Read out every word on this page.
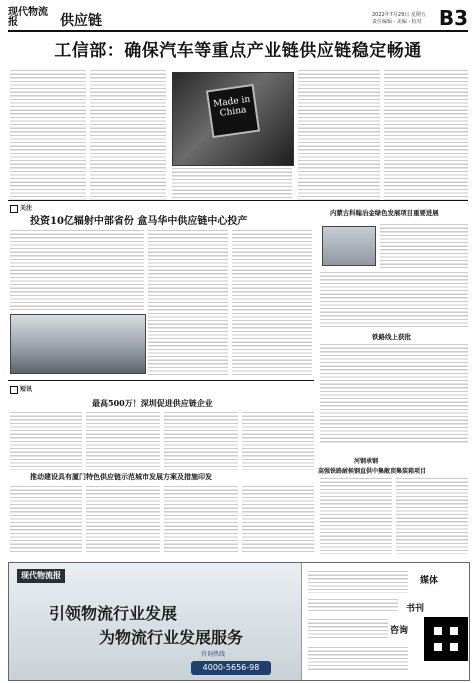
现代物流报	供应链	2022年7月29日 星期五
责任编辑 · 美编 · 校对 B3
工信部：确保汽车等重点产业链供应链稳定畅通
Made in China
关注
投资10亿辐射中部省份 盒马华中供应链中心投产
内蒙古科翰冶金绿色发展项目重要进展
铁路线上获批
短讯
最高500万！深圳促进供应链企业
推动建设具有厦门特色供应链示范城市发展方案及措施印发
河钢承钢
高强铁路耐候钢直供中集敞顶集装箱项目
现代物流报
引领物流行业发展
为物流行业发展服务
咨询热线
4000-5656-98
媒体
书刊
咨询
